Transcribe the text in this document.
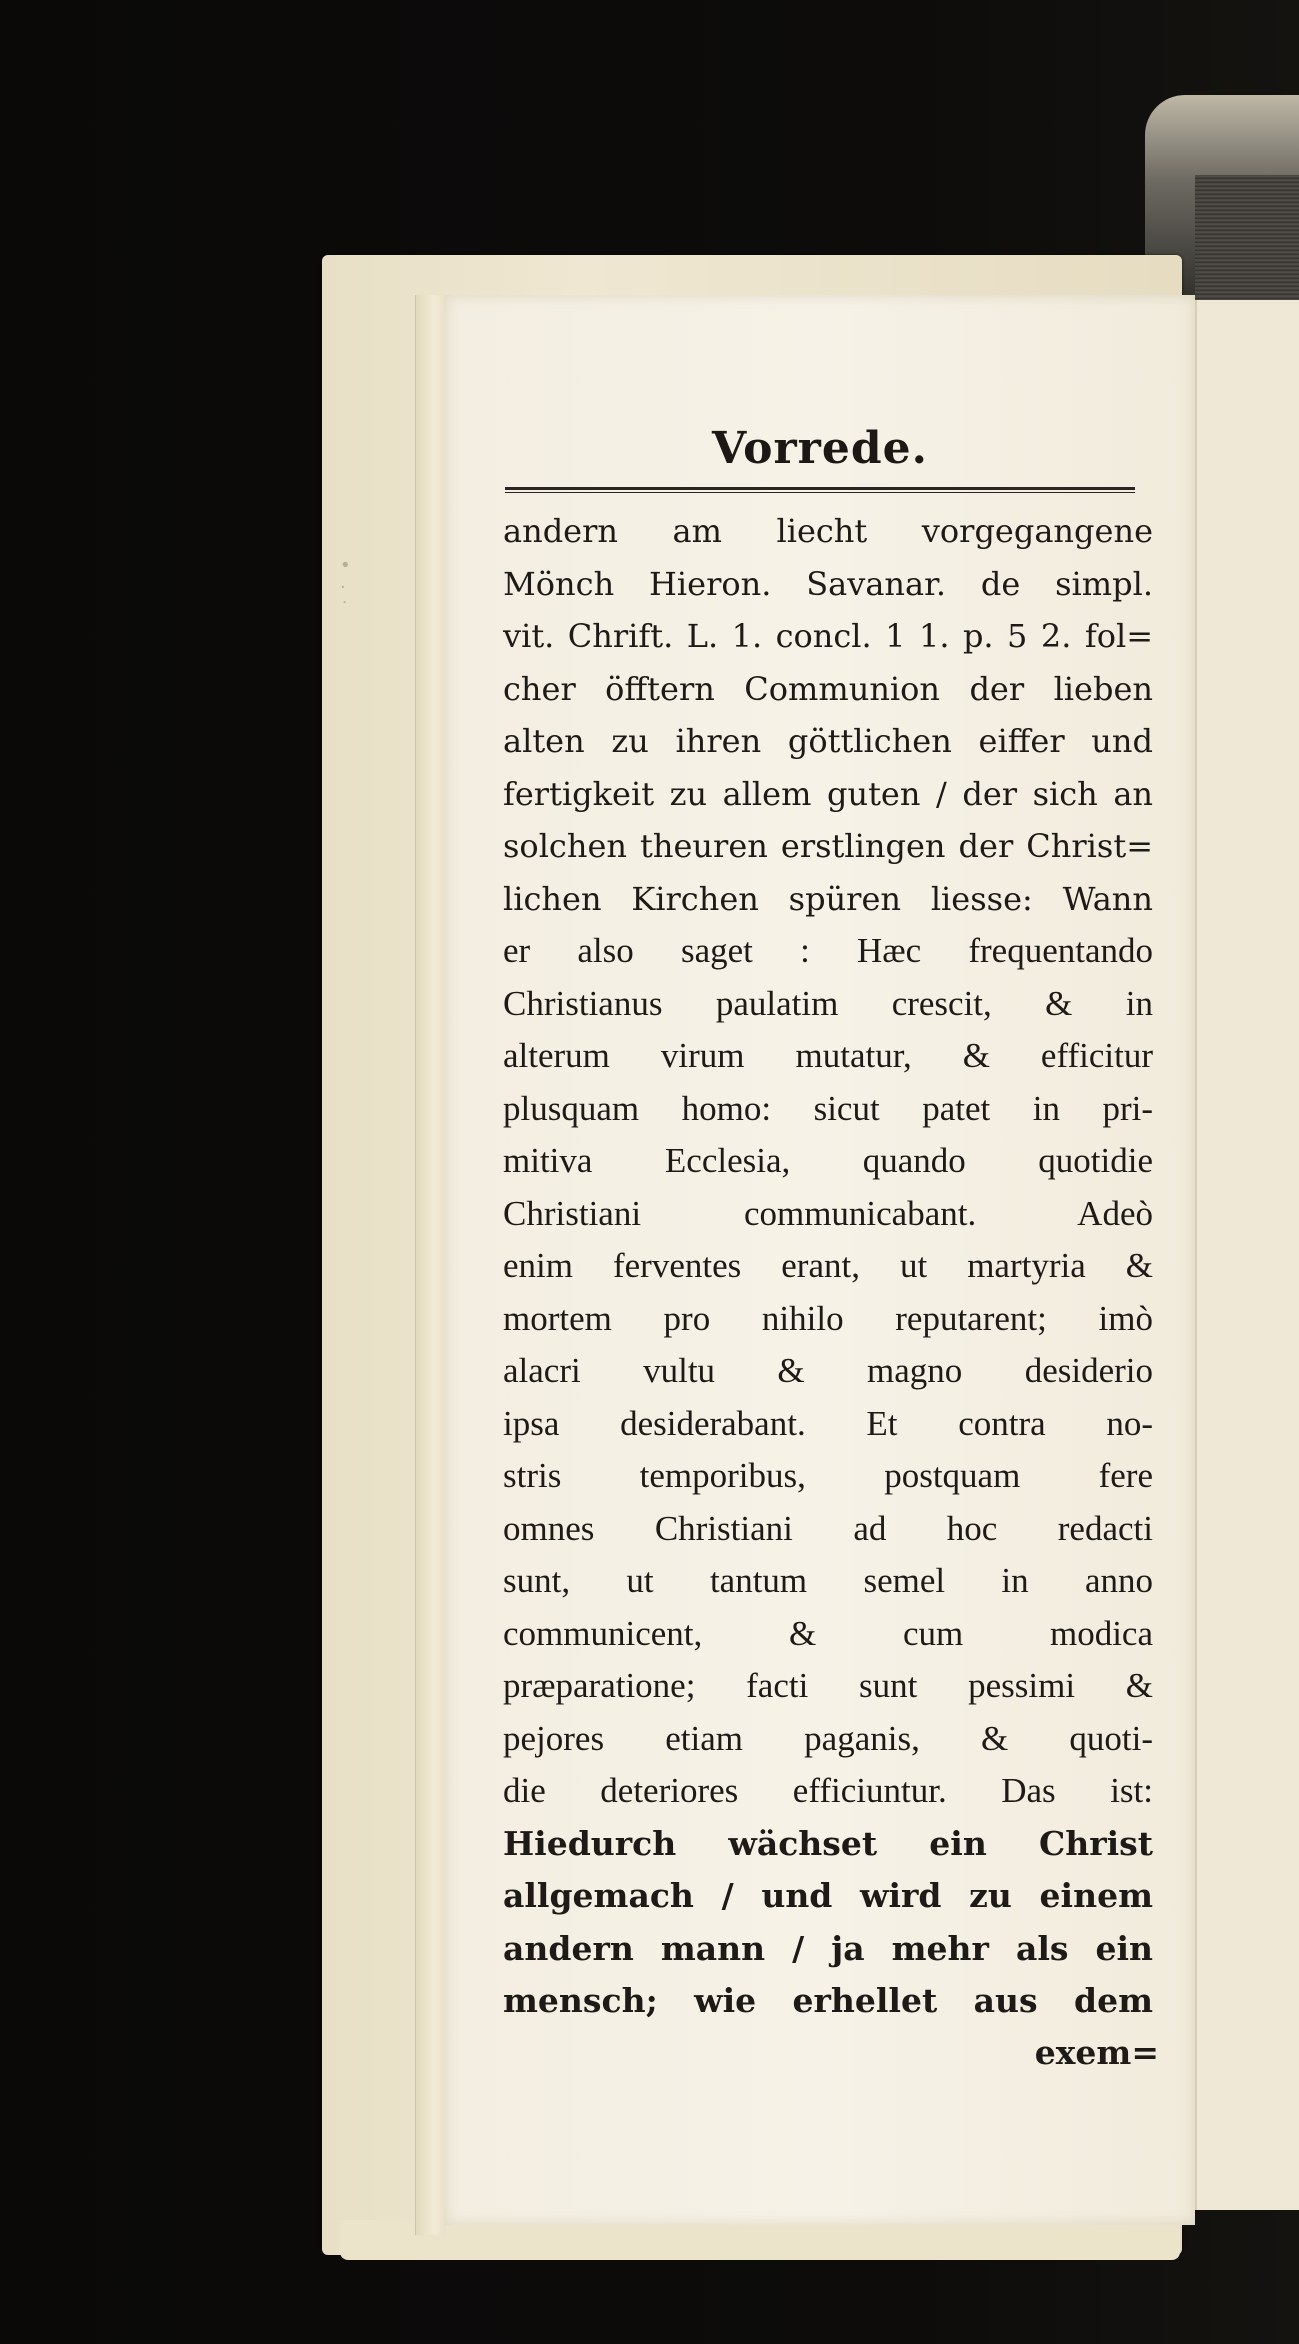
•
·
˙
Vorrede.
andern am liecht vorgegangene
Mönch Hieron. Savanar. de simpl.
vit. Chrift. L. 1. concl. 1 1. p. 5 2. fol=
cher öfftern Communion der lieben
alten zu ihren göttlichen eiffer und
fertigkeit zu allem guten / der sich an
solchen theuren erstlingen der Christ=
lichen Kirchen spüren liesse: Wann
er also saget : Hæc frequentando
Christianus paulatim crescit, & in
alterum virum mutatur, & efficitur
plusquam homo: sicut patet in pri-
mitiva Ecclesia, quando quotidie
Christiani communicabant. Adeò
enim ferventes erant, ut martyria &
mortem pro nihilo reputarent; imò
alacri vultu & magno desiderio
ipsa desiderabant. Et contra no-
stris temporibus, postquam fere
omnes Christiani ad hoc redacti
sunt, ut tantum semel in anno
communicent, & cum modica
præparatione; facti sunt pessimi &
pejores etiam paganis, & quoti-
die deteriores efficiuntur. Das ist:
Hiedurch wächset ein Christ
allgemach / und wird zu einem
andern mann / ja mehr als ein
mensch; wie erhellet aus dem
exem=
